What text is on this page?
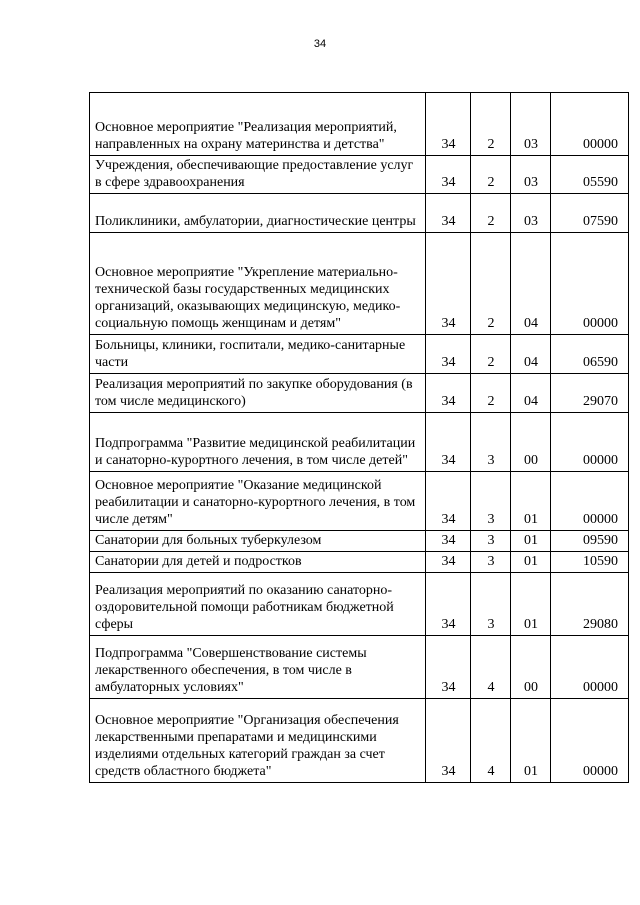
34
Основное мероприятие "Реализация мероприятий, направленных на охрану материнства и детства"	34	2	03	00000
Учреждения, обеспечивающие предоставление услуг в сфере здравоохранения	34	2	03	05590
Поликлиники, амбулатории, диагностические центры	34	2	03	07590
Основное мероприятие "Укрепление материально-технической базы государственных медицинских организаций, оказывающих медицинскую, медико-социальную помощь женщинам и детям"	34	2	04	00000
Больницы, клиники, госпитали, медико-санитарные части	34	2	04	06590
Реализация мероприятий по закупке оборудования (в том числе медицинского)	34	2	04	29070
Подпрограмма "Развитие медицинской реабилитации и санаторно-курортного лечения, в том числе детей"	34	3	00	00000
Основное мероприятие "Оказание медицинской реабилитации и санаторно-курортного лечения, в том числе детям"	34	3	01	00000
Санатории для больных туберкулезом	34	3	01	09590
Санатории для детей и подростков	34	3	01	10590
Реализация мероприятий по оказанию санаторно-оздоровительной помощи работникам бюджетной сферы	34	3	01	29080
Подпрограмма "Совершенствование системы лекарственного обеспечения, в том числе в амбулаторных условиях"	34	4	00	00000
Основное мероприятие "Организация обеспечения лекарственными препаратами и медицинскими изделиями отдельных категорий граждан за счет средств областного бюджета"	34	4	01	00000
